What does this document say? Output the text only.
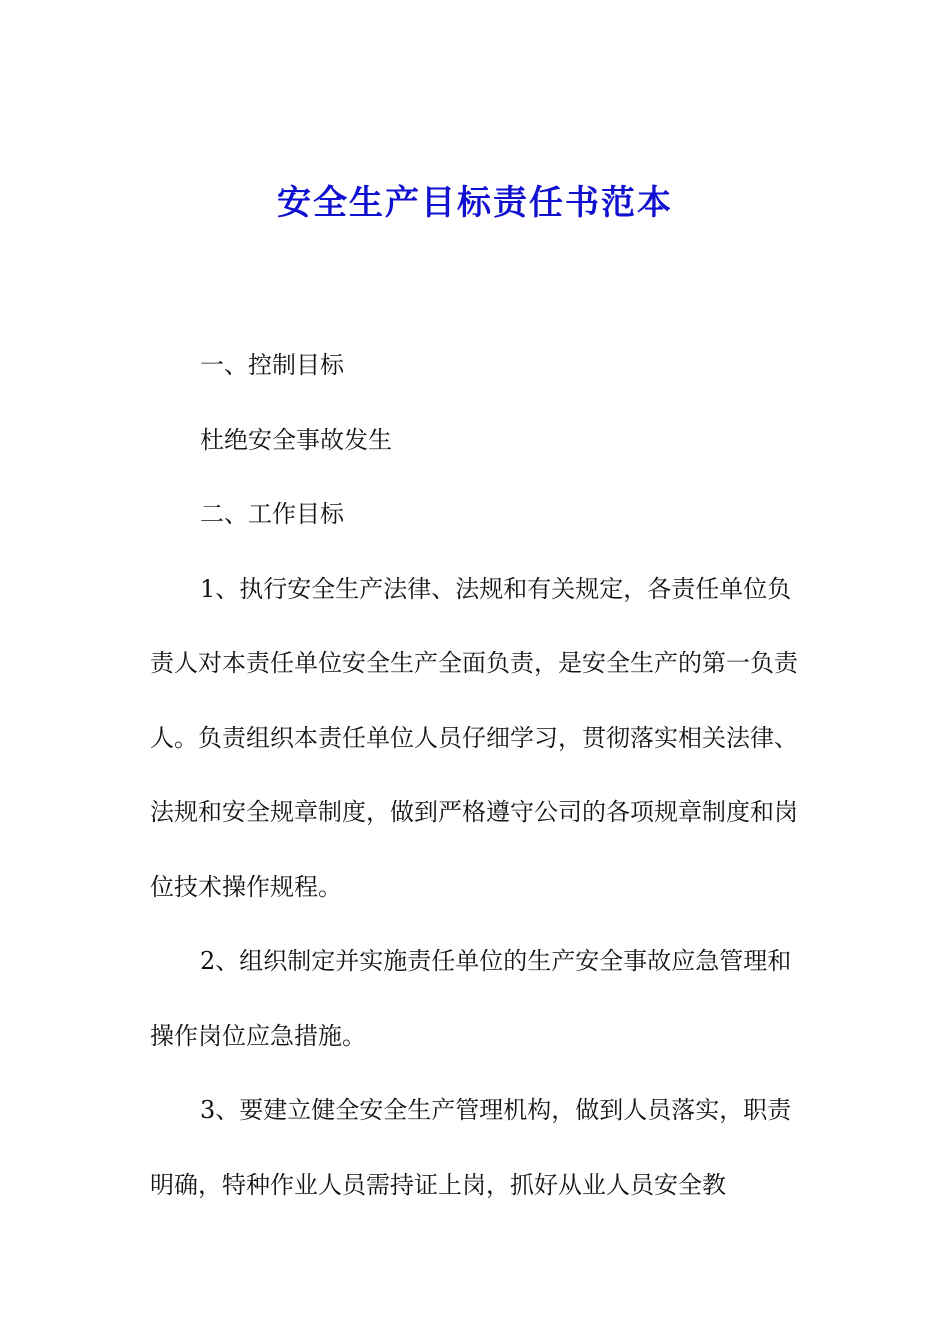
安全生产目标责任书范本

一、控制目标

杜绝安全事故发生

二、工作目标

1、执行安全生产法律、法规和有关规定，各责任单位负责人对本责任单位安全生产全面负责，是安全生产的第一负责人。负责组织本责任单位人员仔细学习，贯彻落实相关法律、法规和安全规章制度，做到严格遵守公司的各项规章制度和岗位技术操作规程。

2、组织制定并实施责任单位的生产安全事故应急管理和操作岗位应急措施。

3、要建立健全安全生产管理机构，做到人员落实，职责明确，特种作业人员需持证上岗，抓好从业人员安全教
